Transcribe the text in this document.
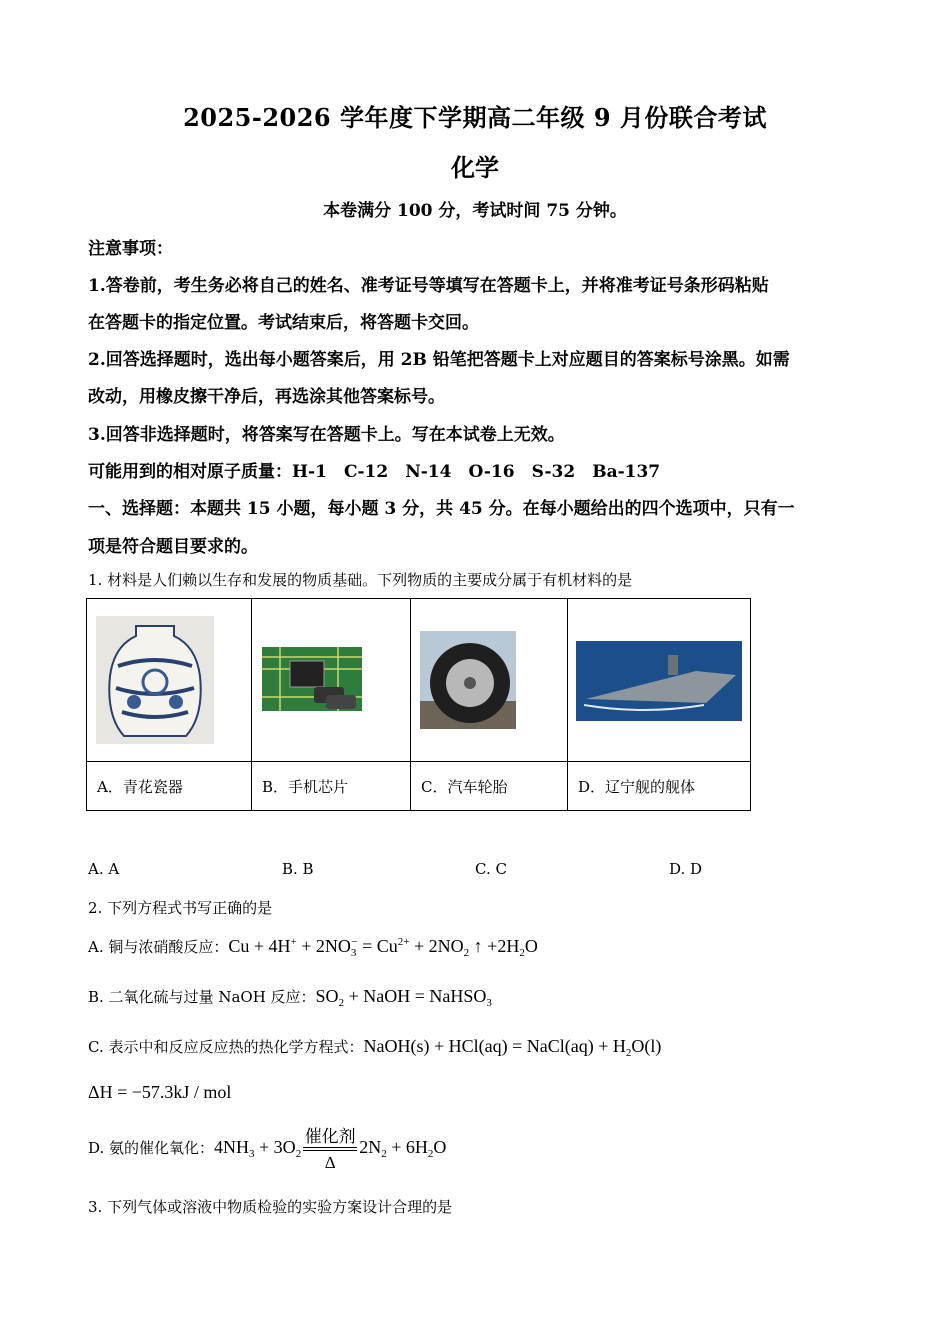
2025-2026 学年度下学期高二年级 9 月份联合考试
化学
本卷满分 100 分，考试时间 75 分钟。
注意事项：
1.答卷前，考生务必将自己的姓名、准考证号等填写在答题卡上，并将准考证号条形码粘贴
在答题卡的指定位置。考试结束后，将答题卡交回。
2.回答选择题时，选出每小题答案后，用 2B 铅笔把答题卡上对应题目的答案标号涂黑。如需
改动，用橡皮擦干净后，再选涂其他答案标号。
3.回答非选择题时，将答案写在答题卡上。写在本试卷上无效。
可能用到的相对原子质量：H-1　C-12　N-14　O-16　S-32　Ba-137
一、选择题：本题共 15 小题，每小题 3 分，共 45 分。在每小题给出的四个选项中，只有一
项是符合题目要求的。
1. 材料是人们赖以生存和发展的物质基础。下列物质的主要成分属于有机材料的是

A．青花瓷器	B．手机芯片	C．汽车轮胎	D．辽宁舰的舰体
A. A	B. B	C. C	D. D
2. 下列方程式书写正确的是
A. 铜与浓硝酸反应：$Cu + 4H^+ + 2NO_3^- = Cu^{2+} + 2NO_2$ ↑ $+2H_2O$
B. 二氧化硫与过量 NaOH 反应：$SO_2$ + NaOH = NaHSO$_3$
C. 表示中和反应反应热的热化学方程式：NaOH(s) + HCl(aq) = NaCl(aq) + $H_2O(l)$
ΔH = −57.3kJ / mol
D. 氨的催化氧化：$4NH_3 + 3O_2 \frac{\text{催化剂}}{\Delta} 2N_2 + 6H_2O$
3. 下列气体或溶液中物质检验的实验方案设计合理的是
